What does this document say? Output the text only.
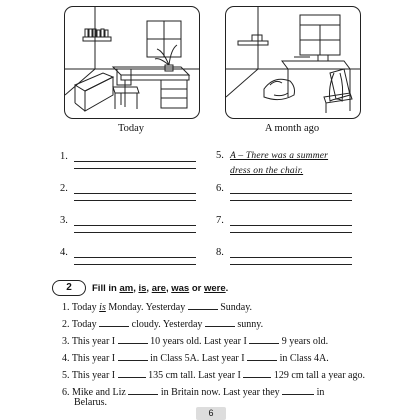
Today	A month ago
1.
2.
3.
4.
5. A – There was a summer
dress on the chair.
6.
7.
8.
2	Fill in am, is, are, was or were.
1. Today is Monday. Yesterday	Sunday.
2. Today	cloudy. Yesterday	sunny.
3. This year I	10 years old. Last year I	9 years old.
4. This year I	in Class 5A. Last year I	in Class 4A.
5. This year I	135 cm tall. Last year I	129 cm tall a year ago.
6. Mike and Liz	in Britain now. Last year they	in
Belarus.
6
